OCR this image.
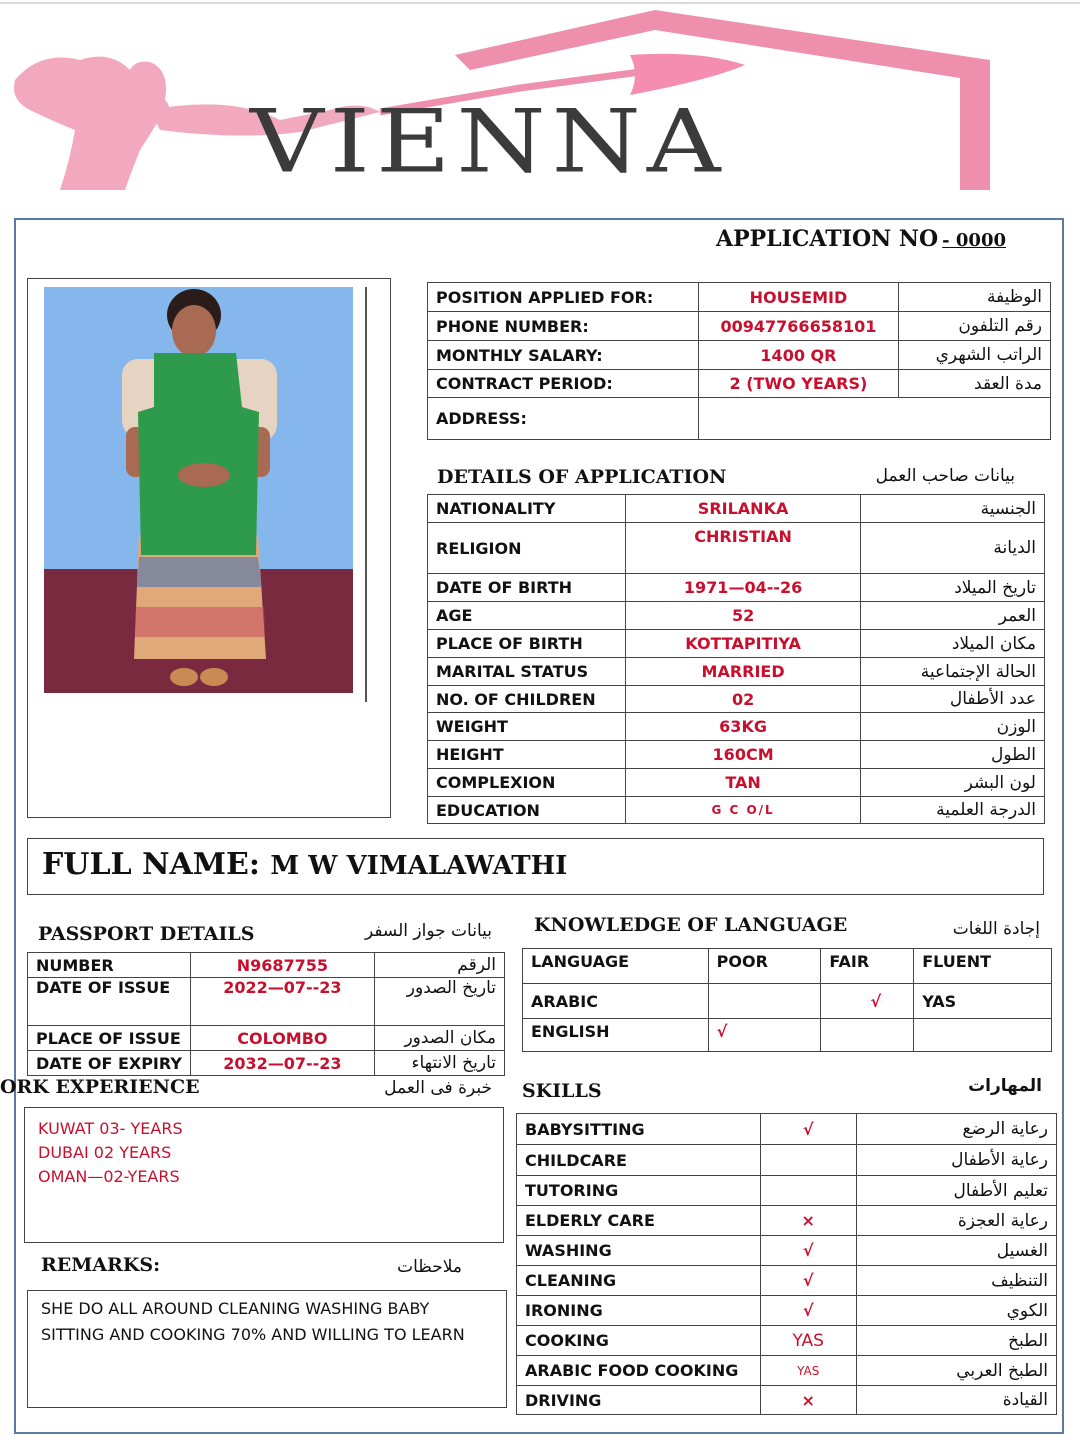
VIENNA
APPLICATION NO - 0000
POSITION APPLIED FOR:	HOUSEMID	الوظيفة
PHONE NUMBER:	00947766658101	رقم التلفون
MONTHLY SALARY:	1400 QR	الراتب الشهري
CONTRACT PERIOD:	2 (TWO YEARS)	مدة العقد
ADDRESS:		
DETAILS OF APPLICATION	بيانات صاحب العمل
NATIONALITY	SRILANKA	الجنسية
RELIGION	CHRISTIAN	الديانة
DATE OF BIRTH	1971—04--26	تاريخ الميلاد
AGE	52	العمر
PLACE OF BIRTH	KOTTAPITIYA	مكان الميلاد
MARITAL STATUS	MARRIED	الحالة الإجتماعية
NO. OF CHILDREN	02	عدد الأطفال
WEIGHT	63KG	الوزن
HEIGHT	160CM	الطول
COMPLEXION	TAN	لون البشر
EDUCATION	G C O/L	الدرجة العلمية
FULL NAME: M W VIMALAWATHI
PASSPORT DETAILS	بيانات جواز السفر
NUMBER	N9687755	الرقم
DATE OF ISSUE	2022—07--23	تاريخ الصدور
PLACE OF ISSUE	COLOMBO	مكان الصدور
DATE OF EXPIRY	2032—07--23	تاريخ الانتهاء
KNOWLEDGE OF LANGUAGE	إجادة اللغات
LANGUAGE	POOR	FAIR	FLUENT
ARABIC		√	YAS
ENGLISH	√		
ORK EXPERIENCE	خبرة فى العمل
KUWAT 03- YEARS
DUBAI 02 YEARS
OMAN—02-YEARS
REMARKS:	ملاحظات
SHE DO ALL AROUND CLEANING WASHING BABY
SITTING AND COOKING 70% AND WILLING TO LEARN
SKILLS	المهارات
BABYSITTING	√	رعاية الرضع
CHILDCARE		رعاية الأطفال
TUTORING		تعليم الأطفال
ELDERLY CARE	×	رعاية العجزة
WASHING	√	الغسيل
CLEANING	√	التنظيف
IRONING	√	الكوي
COOKING	YAS	الطبخ
ARABIC FOOD COOKING	YAS	الطبخ العربي
DRIVING	×	القيادة
